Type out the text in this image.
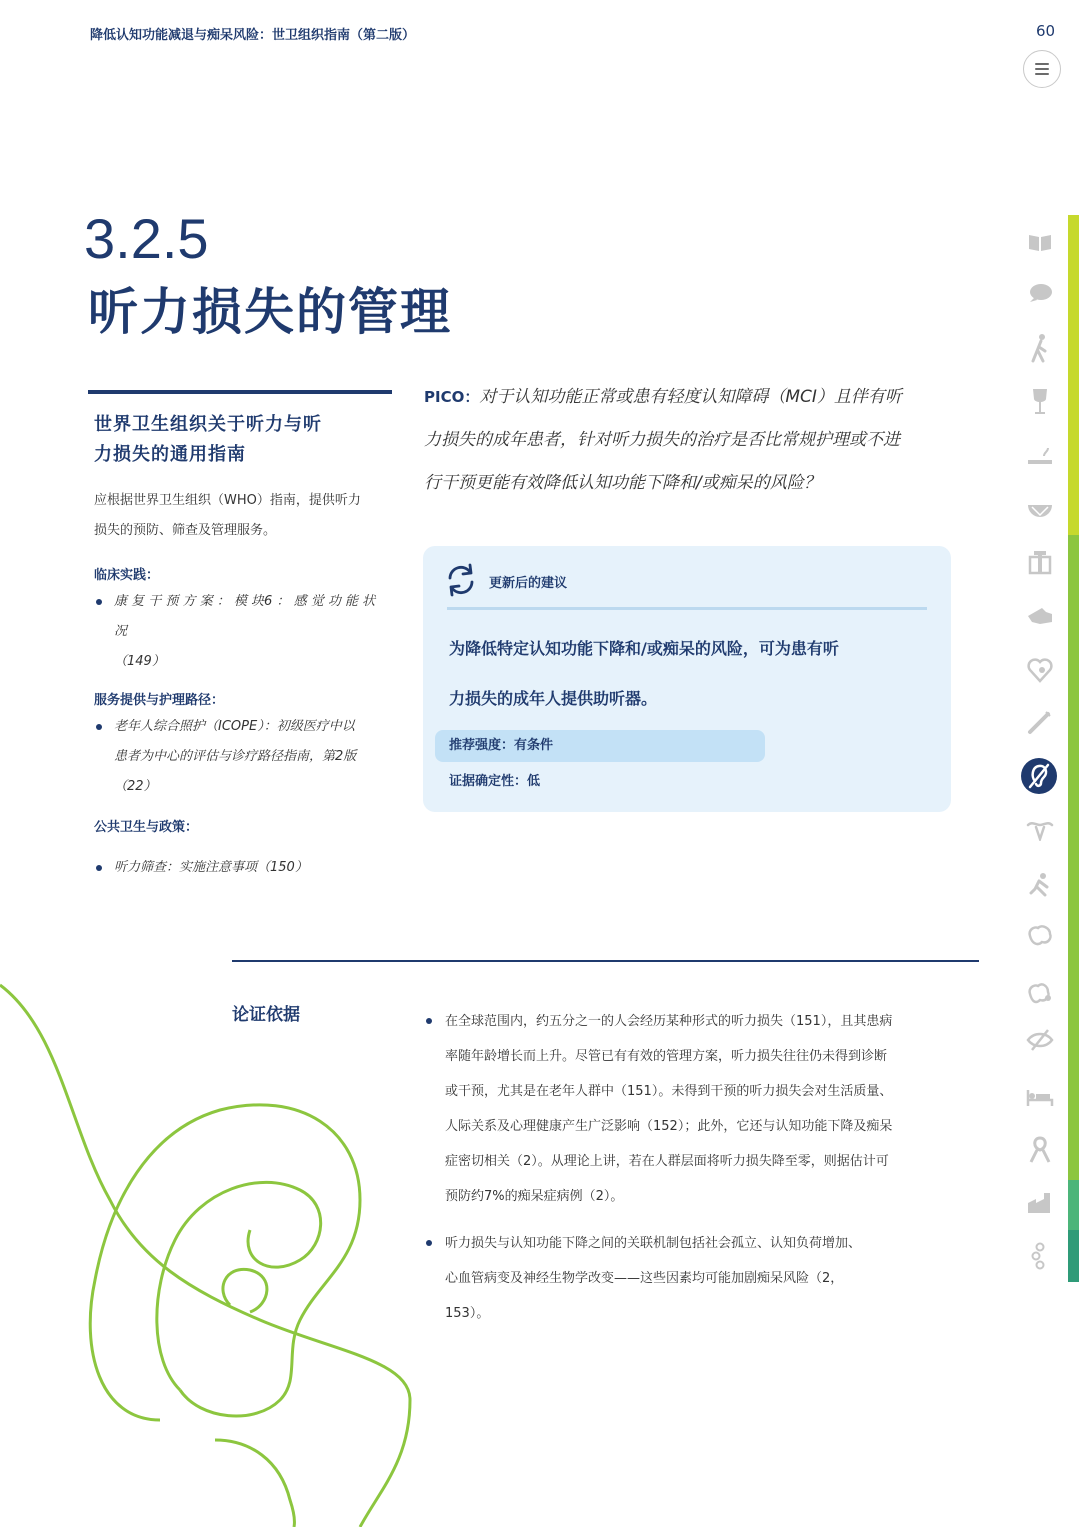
降低认知功能减退与痴呆风险：世卫组织指南（第二版）	60
3.2.5
听力损失的管理
世界卫生组织关于听力与听
力损失的通用指南
应根据世界卫生组织（WHO）指南，提供听力
损失的预防、筛查及管理服务。
临床实践：
康 复 干 预 方 案 ： 模 块6 ： 感 觉 功 能 状 况
（149）
服务提供与护理路径：
老年人综合照护（ICOPE）：初级医疗中以
患者为中心的评估与诊疗路径指南，第2版
（22）
公共卫生与政策：
听力筛查：实施注意事项（150）
PICO：对于认知功能正常或患有轻度认知障碍（MCI）且伴有听
力损失的成年患者，针对听力损失的治疗是否比常规护理或不进
行干预更能有效降低认知功能下降和/或痴呆的风险？
更新后的建议
为降低特定认知功能下降和/或痴呆的风险，可为患有听
力损失的成年人提供助听器。
推荐强度：有条件
证据确定性：低
论证依据	在全球范围内，约五分之一的人会经历某种形式的听力损失（151），且其患病
率随年龄增长而上升。尽管已有有效的管理方案，听力损失往往仍未得到诊断
或干预，尤其是在老年人群中（151）。未得到干预的听力损失会对生活质量、
人际关系及心理健康产生广泛影响（152）；此外，它还与认知功能下降及痴呆
症密切相关（2）。从理论上讲，若在人群层面将听力损失降至零，则据估计可
预防约7%的痴呆症病例（2）。
听力损失与认知功能下降之间的关联机制包括社会孤立、认知负荷增加、
心血管病变及神经生物学改变——这些因素均可能加剧痴呆风险（2，
153）。
